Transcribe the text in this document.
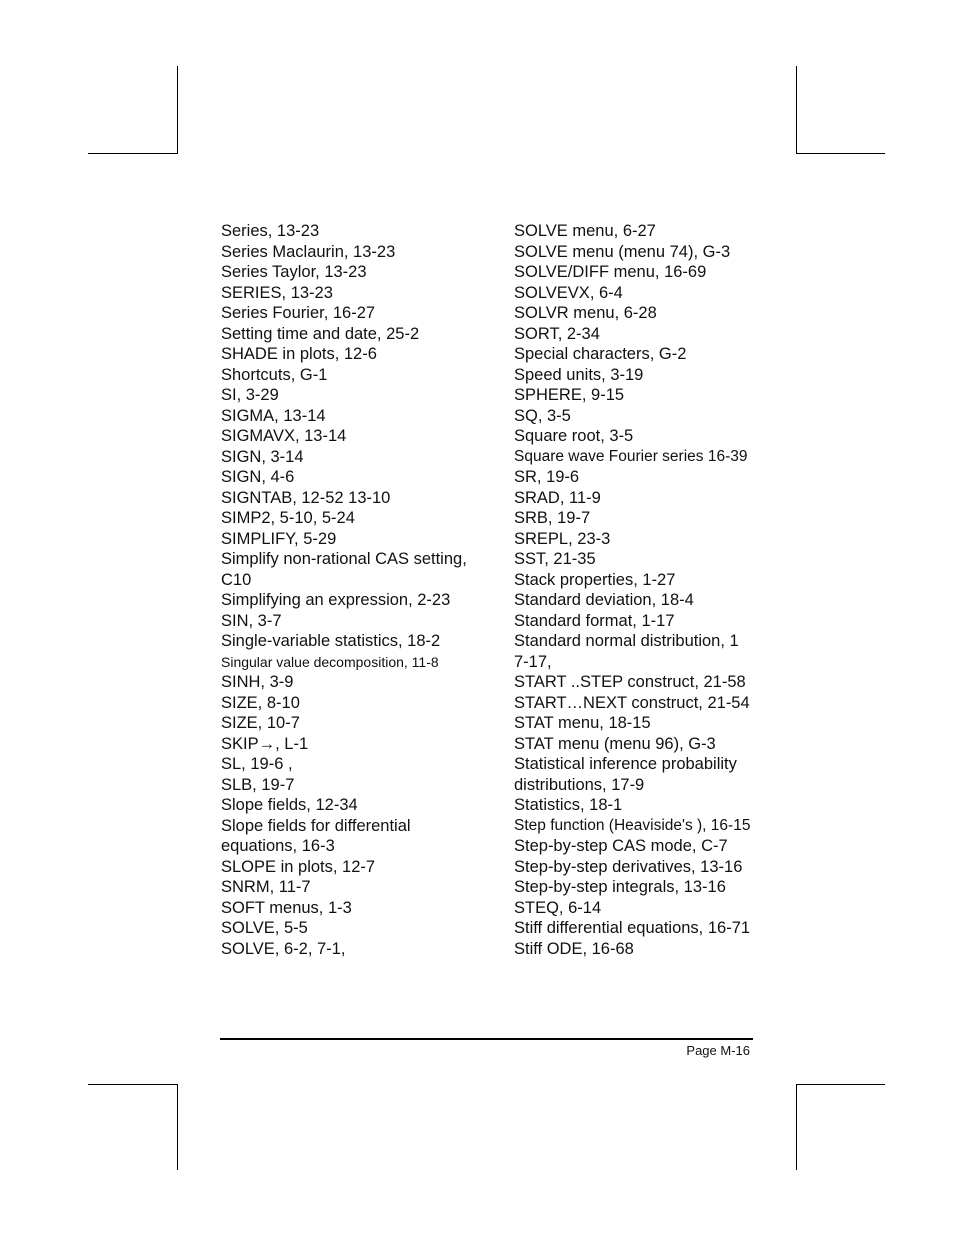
Series, 13-23
Series Maclaurin, 13-23
Series Taylor, 13-23
SERIES, 13-23
Series Fourier, 16-27
Setting time and date, 25-2
SHADE in plots, 12-6
Shortcuts, G-1
SI, 3-29
SIGMA, 13-14
SIGMAVX, 13-14
SIGN, 3-14
SIGN, 4-6
SIGNTAB, 12-52 13-10
SIMP2, 5-10, 5-24
SIMPLIFY, 5-29
Simplify non-rational CAS setting, C10
Simplifying an expression, 2-23
SIN, 3-7
Single-variable statistics, 18-2
Singular value decomposition, 11-8
SINH, 3-9
SIZE, 8-10
SIZE, 10-7
SKIP→, L-1
SL, 19-6 ,
SLB, 19-7
Slope fields, 12-34
Slope fields for differential equations, 16-3
SLOPE in plots, 12-7
SNRM, 11-7
SOFT menus, 1-3
SOLVE, 5-5
SOLVE, 6-2, 7-1,
SOLVE menu, 6-27
SOLVE menu (menu 74), G-3
SOLVE/DIFF menu, 16-69
SOLVEVX, 6-4
SOLVR menu, 6-28
SORT, 2-34
Special characters, G-2
Speed units, 3-19
SPHERE, 9-15
SQ, 3-5
Square root, 3-5
Square wave Fourier series 16-39
SR, 19-6
SRAD, 11-9
SRB, 19-7
SREPL, 23-3
SST, 21-35
Stack properties, 1-27
Standard deviation, 18-4
Standard format, 1-17
Standard normal distribution, 17-17,
START ..STEP construct, 21-58
START…NEXT construct, 21-54
STAT menu, 18-15
STAT menu (menu 96), G-3
Statistical inference probability distributions, 17-9
Statistics, 18-1
Step function (Heaviside's ), 16-15
Step-by-step CAS mode, C-7
Step-by-step derivatives, 13-16
Step-by-step integrals, 13-16
STEQ, 6-14
Stiff differential equations, 16-71
Stiff ODE, 16-68
Page M-16
